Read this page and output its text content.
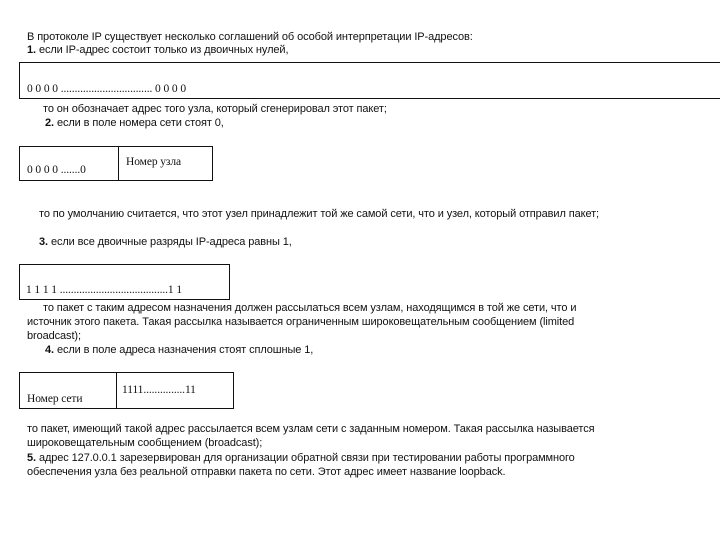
В протоколе IP существует несколько соглашений об особой интерпретации IP-адресов:
1. если IP-адрес состоит только из двоичных нулей,
0 0 0 0 ................................. 0 0 0 0
то он обозначает адрес того узла, который сгенерировал этот пакет;
2. если в поле номера сети стоят 0,
0 0 0 0 .......0
Номер узла
то по умолчанию считается, что этот узел принадлежит той же самой сети, что и узел, который отправил пакет;
3. если все двоичные разряды IP-адреса равны 1,
1 1 1 1 .......................................1 1
то пакет с таким адресом назначения должен рассылаться всем узлам, находящимся в той же сети, что и
источник этого пакета. Такая рассылка называется ограниченным широковещательным сообщением (limited
broadcast);
4. если в поле адреса назначения стоят сплошные 1,
Номер сети
1111...............11
то пакет, имеющий такой адрес рассылается всем узлам сети с заданным номером. Такая рассылка называется
широковещательным сообщением (broadcast);
5. адрес 127.0.0.1 зарезервирован для организации обратной связи при тестировании работы программного
обеспечения узла без реальной отправки пакета по сети. Этот адрес имеет название loopback.
